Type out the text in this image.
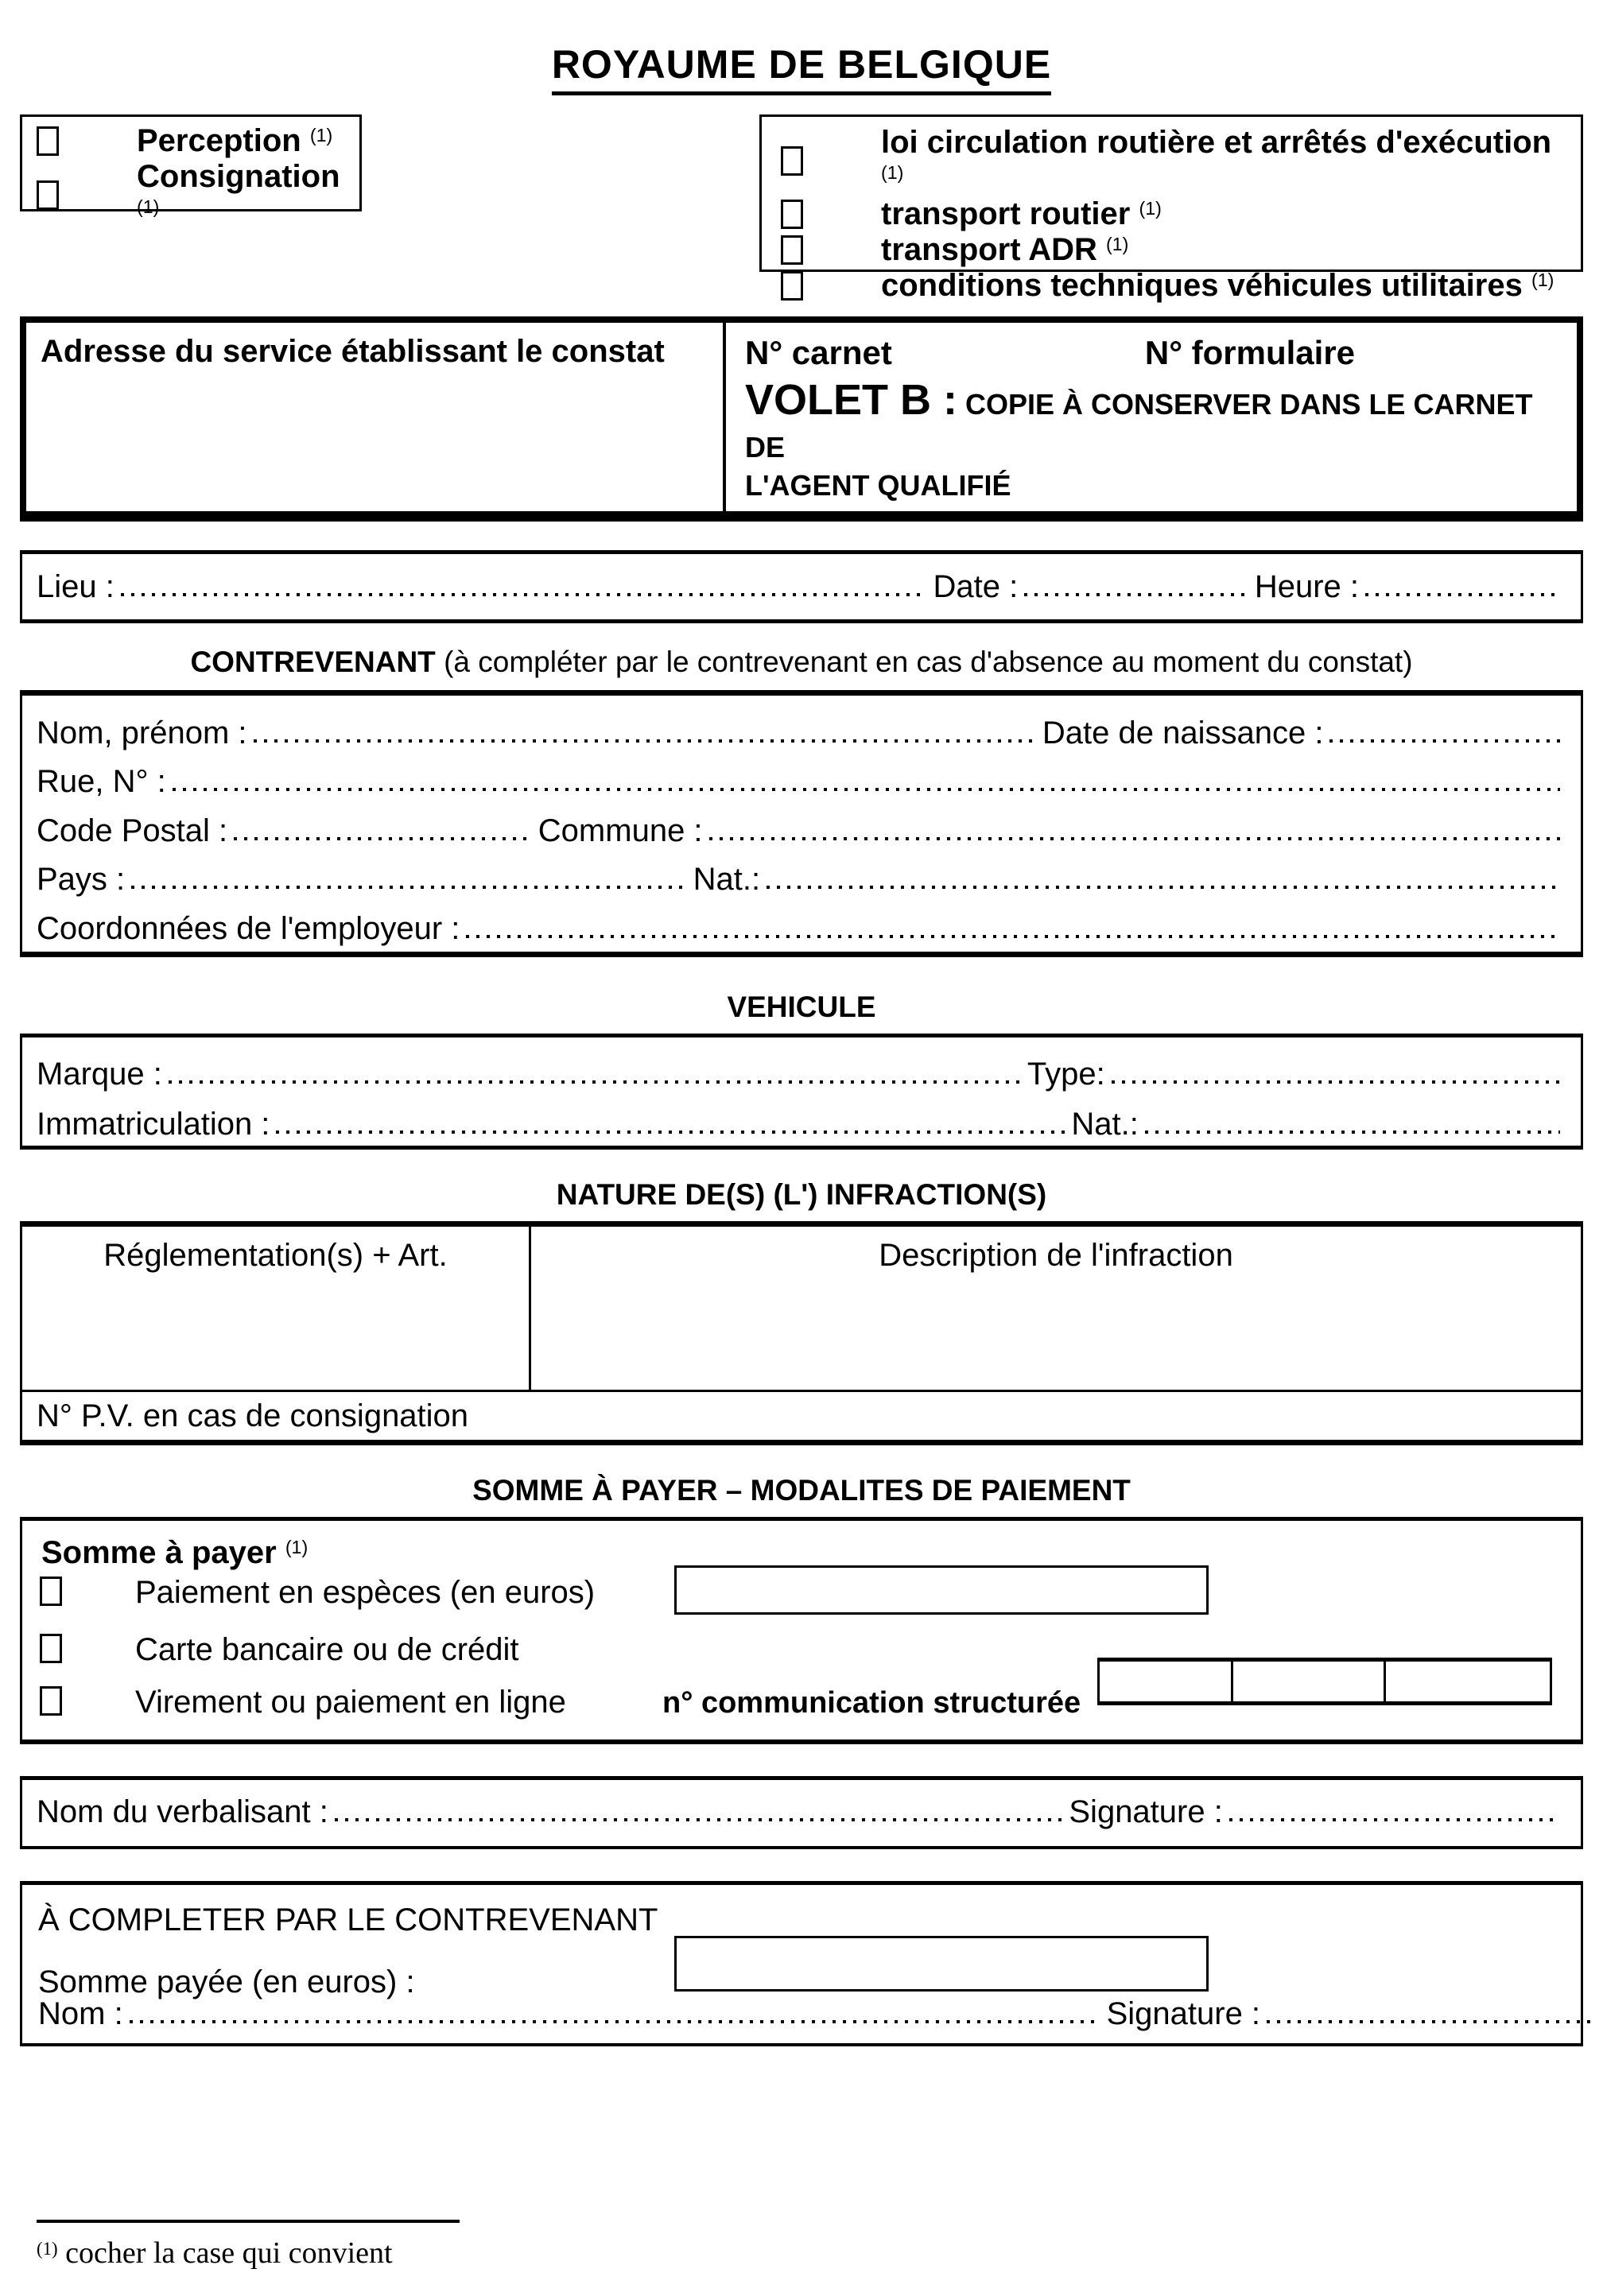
ROYAUME DE BELGIQUE
Perception $^{(1)}$
Consignation $^{(1)}$
loi circulation routière et arrêtés d'exécution $^{(1)}$
transport routier $^{(1)}$
transport ADR $^{(1)}$
conditions techniques véhicules utilitaires $^{(1)}$
Adresse du service établissant le constat	N° carnet	N° formulaire
VOLET B : COPIE À CONSERVER DANS LE CARNET DE
L'AGENT QUALIFIÉ
Lieu :	Date :	Heure :
CONTREVENANT (à compléter par le contrevenant en cas d'absence au moment du constat)
Nom, prénom :	Date de naissance :
Rue, N° :
Code Postal :	Commune :
Pays :	Nat.:
Coordonnées de l'employeur :
VEHICULE
Marque :	Type:
Immatriculation :	Nat.:
NATURE DE(S) (L') INFRACTION(S)
Réglementation(s) + Art.	Description de l'infraction
N° P.V. en cas de consignation
SOMME À PAYER – MODALITES DE PAIEMENT
Somme à payer $^{(1)}$
Paiement en espèces (en euros)
Carte bancaire ou de crédit
Virement ou paiement en ligne	n° communication structurée
Nom du verbalisant :	Signature :
À COMPLETER PAR LE CONTREVENANT
Somme payée (en euros) :
Nom :	Signature :
$^{(1)}$ cocher la case qui convient
